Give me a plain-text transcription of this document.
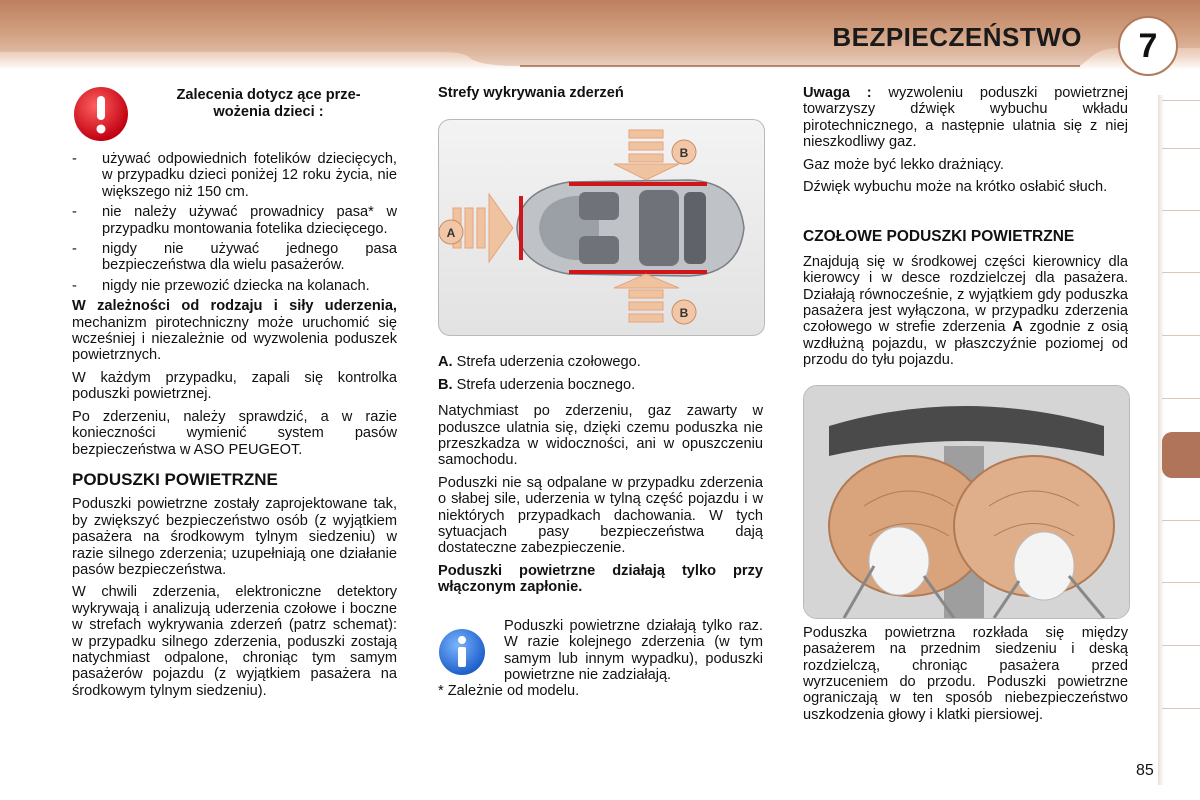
BEZPIECZEŃSTWO	7
Zalecenia dotycz ące prze-
wożenia dzieci :
- używać odpowiednich fotelików dziecięcych, w przypadku dzieci poniżej 12 roku życia, nie większego niż 150 cm.
- nie należy używać prowadnicy pasa* w przypadku montowania fotelika dziecięcego.
- nigdy nie używać jednego pasa bezpieczeństwa dla wielu pasażerów.
- nigdy nie przewozić dziecka na kolanach.

W zależności od rodzaju i siły uderzenia, mechanizm pirotechniczny może uruchomić się wcześniej i niezależnie od wyzwolenia poduszek powietrznych.

W każdym przypadku, zapali się kontrolka poduszki powietrznej.

Po zderzeniu, należy sprawdzić, a w razie konieczności wymienić system pasów bezpieczeństwa w ASO PEUGEOT.

PODUSZKI POWIETRZNE

Poduszki powietrzne zostały zaprojektowane tak, by zwiększyć bezpieczeństwo osób (z wyjątkiem pasażera na środkowym tylnym siedzeniu) w razie silnego zderzenia; uzupełniają one działanie pasów bezpieczeństwa.

W chwili zderzenia, elektroniczne detektory wykrywają i analizują uderzenia czołowe i boczne w strefach wykrywania zderzeń (patrz schemat): w przypadku silnego zderzenia, poduszki zostają natychmiast odpalone, chroniąc tym samym pasażerów pojazdu (z wyjątkiem pasażera na środkowym tylnym siedzeniu).

Strefy wykrywania zderzeń
B
B
A

A. Strefa uderzenia czołowego.

B. Strefa uderzenia bocznego.

Natychmiast po zderzeniu, gaz zawarty w poduszce ulatnia się, dzięki czemu poduszka nie przeszkadza w widoczności, ani w opuszczeniu samochodu.

Poduszki nie są odpalane w przypadku zderzenia o słabej sile, uderzenia w tylną część pojazdu i w niektórych przypadkach dachowania. W tych sytuacjach pasy bezpieczeństwa dają dostateczne zabezpieczenie.

Poduszki powietrzne działają tylko przy włączonym zapłonie.

Poduszki powietrzne działają tylko raz. W razie kolejnego zderzenia (w tym samym lub innym wypadku), poduszki powietrzne nie zadziałają.

* Zależnie od modelu.

Uwaga : wyzwoleniu poduszki powietrznej towarzyszy dźwięk wybuchu wkładu pirotechnicznego, a następnie ulatnia się z niej nieszkodliwy gaz.

Gaz może być lekko drażniący.

Dźwięk wybuchu może na krótko osłabić słuch.

CZOŁOWE PODUSZKI POWIETRZNE

Znajdują się w środkowej części kierownicy dla kierowcy i w desce rozdzielczej dla pasażera. Działają równocześnie, z wyjątkiem gdy poduszka pasażera jest wyłączona, w przypadku zderzenia czołowego w strefie zderzenia A zgodnie z osią wzdłużną pojazdu, w płaszczyźnie poziomej od przodu do tyłu pojazdu.

Poduszka powietrzna rozkłada się między pasażerem na przednim siedzeniu i deską rozdzielczą, chroniąc pasażera przed wyrzuceniem do przodu. Poduszki powietrzne ograniczają w ten sposób niebezpieczeństwo uszkodzenia głowy i klatki piersiowej.

85
